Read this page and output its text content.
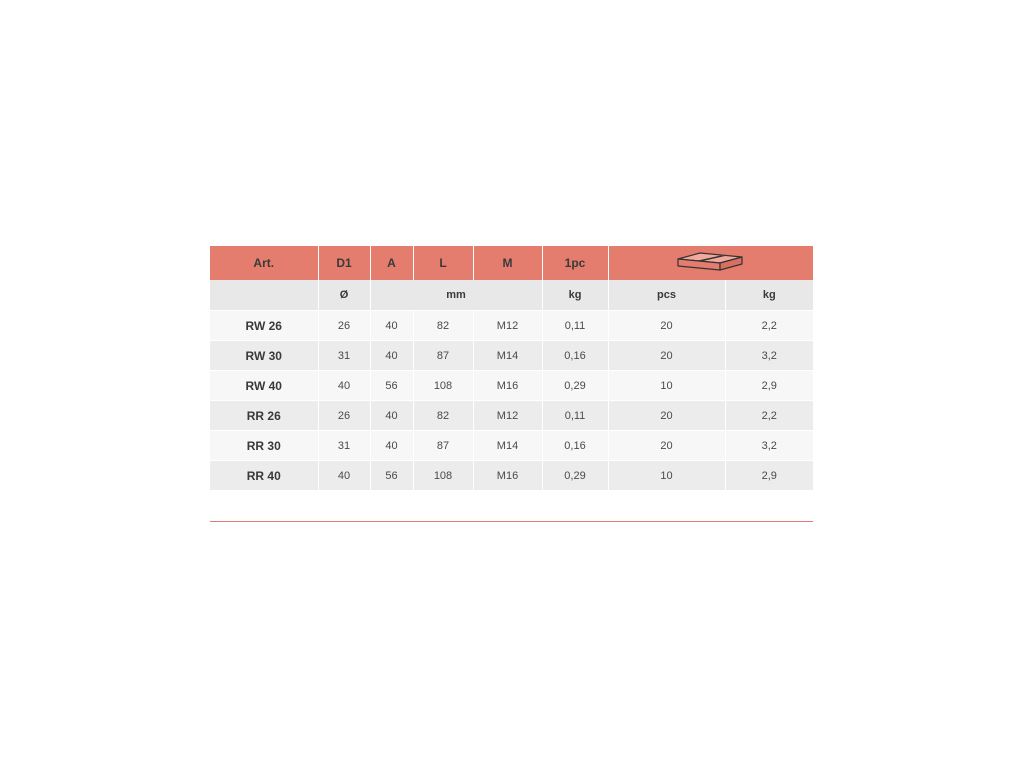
Art.	D1	A	L	M	1pc	
	Ø	mm			kg	pcs	kg
RW 26	26	40	82	M12	0,11	20	2,2
RW 30	31	40	87	M14	0,16	20	3,2
RW 40	40	56	108	M16	0,29	10	2,9
RR 26	26	40	82	M12	0,11	20	2,2
RR 30	31	40	87	M14	0,16	20	3,2
RR 40	40	56	108	M16	0,29	10	2,9
